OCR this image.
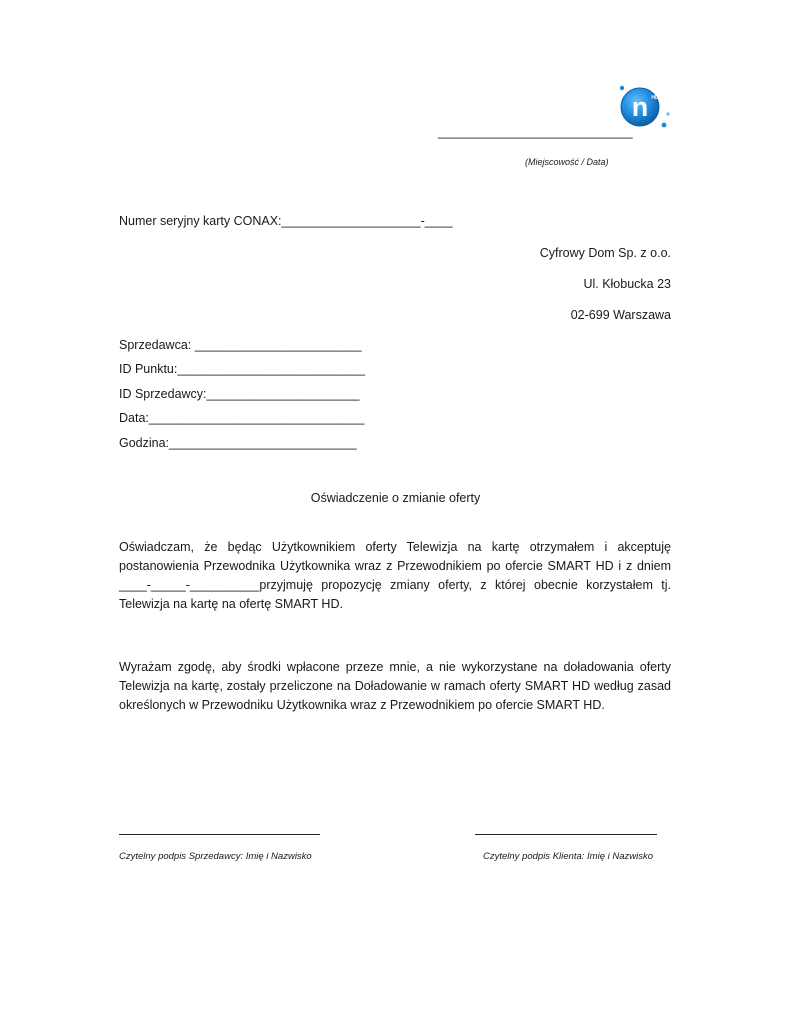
n HD
____________________________
(Miejscowość / Data)
Numer seryjny karty CONAX:____________________-____
Cyfrowy Dom Sp. z o.o.
Ul. Kłobucka 23
02-699 Warszawa
Sprzedawca: ________________________
ID Punktu:___________________________
ID Sprzedawcy:______________________
Data:_______________________________
Godzina:___________________________
Oświadczenie o zmianie oferty
Oświadczam, że będąc Użytkownikiem oferty Telewizja na kartę otrzymałem i akceptuję postanowienia Przewodnika Użytkownika wraz z Przewodnikiem po ofercie SMART HD i z dniem ____-_____-__________przyjmuję propozycję zmiany oferty, z której obecnie korzystałem tj. Telewizja na kartę na ofertę SMART HD.
Wyrażam zgodę, aby środki wpłacone przeze mnie, a nie wykorzystane na doładowania oferty Telewizja na kartę, zostały przeliczone na Doładowanie w ramach oferty SMART HD według zasad określonych w Przewodniku Użytkownika wraz z Przewodnikiem po ofercie SMART HD.
Czytelny podpis Sprzedawcy: Imię i Nazwisko	Czytelny podpis Klienta: Imię i Nazwisko
